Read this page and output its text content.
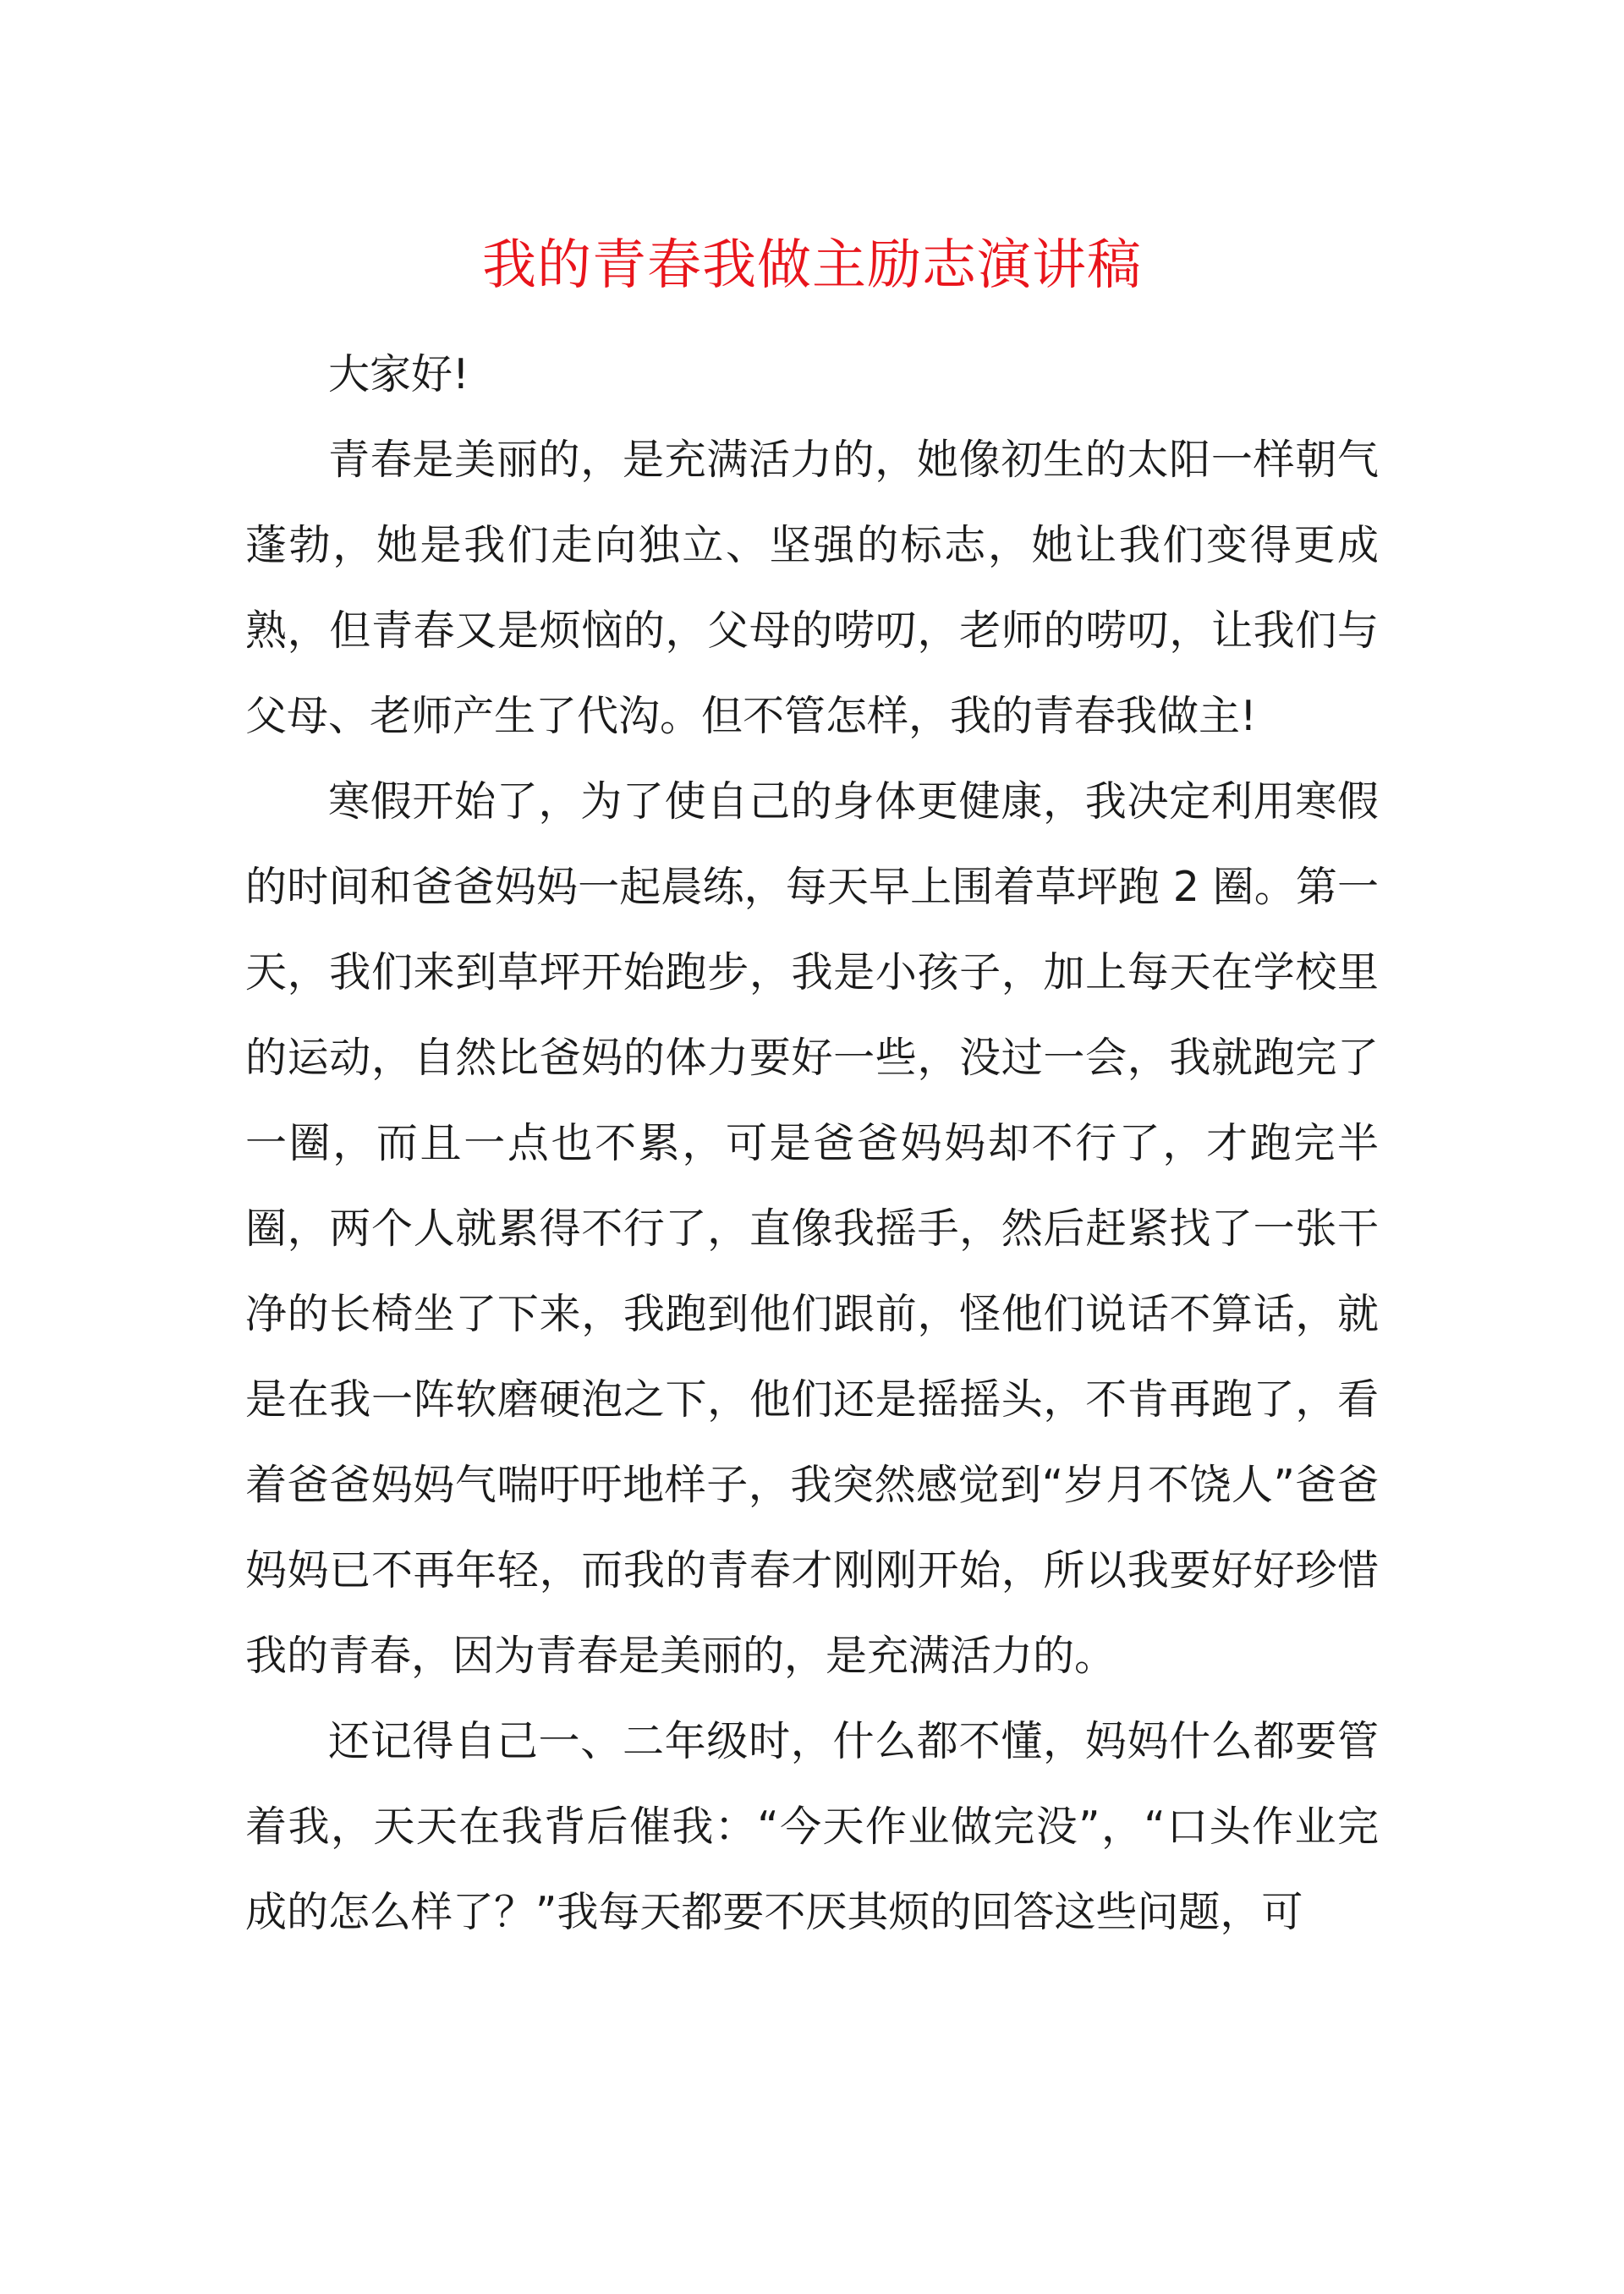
我的青春我做主励志演讲稿

大家好!

青春是美丽的，是充满活力的，她像初生的太阳一样朝气蓬勃，她是我们走向独立、坚强的标志，她让我们变得更成熟，但青春又是烦恼的，父母的唠叨，老师的唠叨，让我们与父母、老师产生了代沟。但不管怎样，我的青春我做主!

寒假开始了，为了使自己的身体更健康，我决定利用寒假的时间和爸爸妈妈一起晨练，每天早上围着草坪跑 2 圈。第一天，我们来到草坪开始跑步，我是小孩子，加上每天在学校里的运动，自然比爸妈的体力要好一些，没过一会，我就跑完了一圈，而且一点也不累，可是爸爸妈妈却不行了，才跑完半圈，两个人就累得不行了，直像我摇手，然后赶紧找了一张干净的长椅坐了下来，我跑到他们跟前，怪他们说话不算话，就是在我一阵软磨硬泡之下，他们还是摇摇头，不肯再跑了，看着爸爸妈妈气喘吁吁地样子，我突然感觉到“岁月不饶人”爸爸妈妈已不再年轻，而我的青春才刚刚开始，所以我要好好珍惜我的青春，因为青春是美丽的，是充满活力的。

还记得自己一、二年级时，什么都不懂，妈妈什么都要管着我，天天在我背后催我：“今天作业做完没”，“口头作业完成的怎么样了？”我每天都要不厌其烦的回答这些问题，可
